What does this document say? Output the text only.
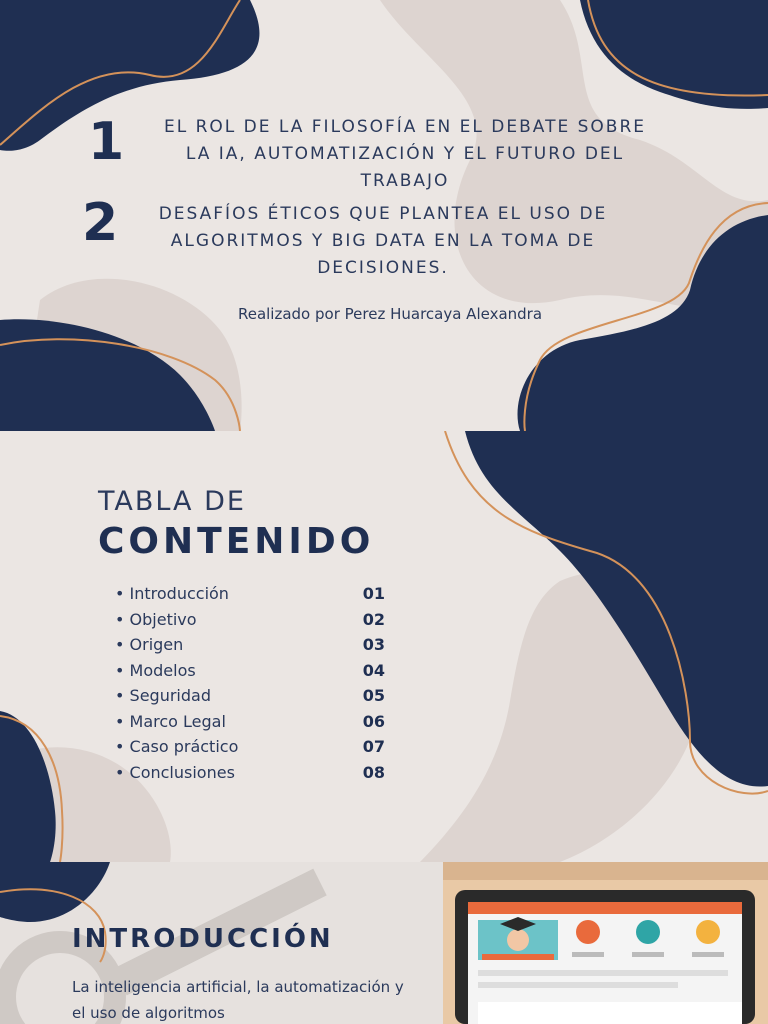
1	EL ROL DE LA FILOSOFÍA EN EL DEBATE SOBRE LA IA, AUTOMATIZACIÓN Y EL FUTURO DEL TRABAJO
2 DESAFÍOS ÉTICOS QUE PLANTEA EL USO DE ALGORITMOS Y BIG DATA EN LA TOMA DE DECISIONES.
Realizado por Perez Huarcaya Alexandra
TABLA DE
CONTENIDO
• Introducción	01
• Objetivo	02
• Origen	03
• Modelos	04
• Seguridad	05
• Marco Legal	06
• Caso práctico	07
• Conclusiones	08
INTRODUCCIÓN
La inteligencia artificial, la automatización y el uso de algoritmos
